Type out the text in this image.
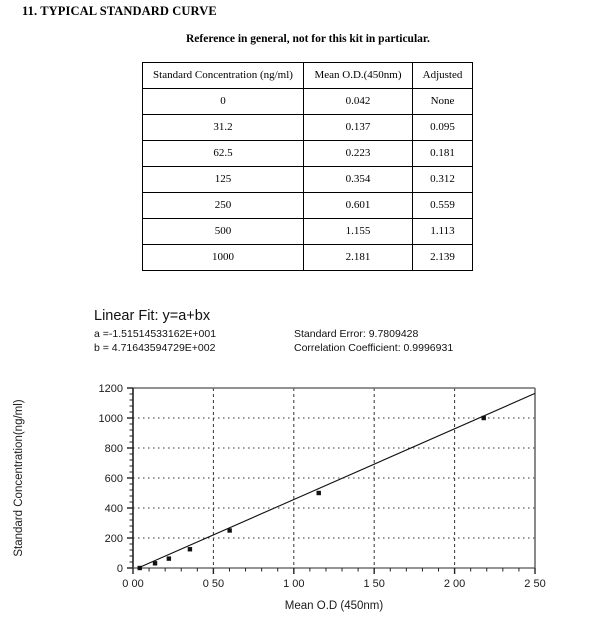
11. TYPICAL STANDARD CURVE
Reference in general, not for this kit in particular.
Standard Concentration (ng/ml)	Mean O.D.(450nm)	Adjusted
0	0.042	None
31.2	0.137	0.095
62.5	0.223	0.181
125	0.354	0.312
250	0.601	0.559
500	1.155	1.113
1000	2.181	2.139
Linear Fit: y=a+bx
a =-1.51514533162E+001
b = 4.71643594729E+002
Standard Error: 9.7809428
Correlation Coefficient: 0.9996931
0
200
400
600
800
1000
1200
0 00	0 50	1 00	1 50	2 00	2 50
Mean O.D (450nm)
Standard Concentration(ng/ml)
